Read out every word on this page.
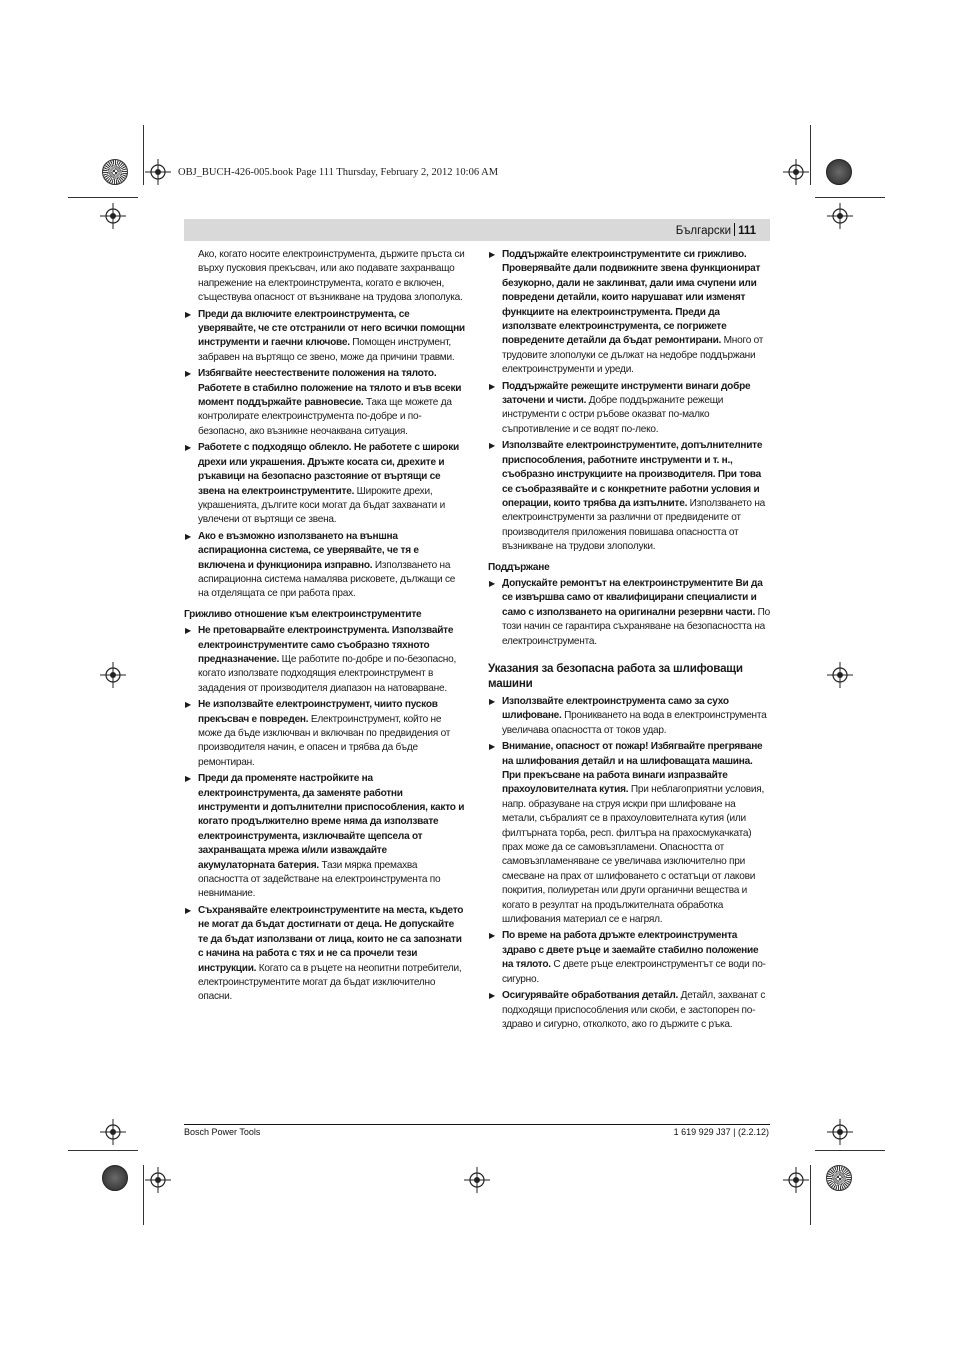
OBJ_BUCH-426-005.book Page 111 Thursday, February 2, 2012 10:06 AM
Български 111

Ако, когато носите електроинструмента, държите пръста си върху пусковия прекъсвач, или ако подавате захранващо напрежение на електроинструмента, когато е включен, съществува опасност от възникване на трудова злополука.

▶ Преди да включите електроинструмента, се уверявайте, че сте отстранили от него всички помощни инструменти и гаечни ключове. Помощен инструмент, забравен на въртящо се звено, може да причини травми.
▶ Избягвайте неестествените положения на тялото. Работете в стабилно положение на тялото и във всеки момент поддържайте равновесие. Така ще можете да контролирате електроинструмента по-добре и по-безопасно, ако възникне неочаквана ситуация.
▶ Работете с подходящо облекло. Не работете с широки дрехи или украшения. Дръжте косата си, дрехите и ръкавици на безопасно разстояние от въртящи се звена на електроинструментите. Широките дрехи, украшенията, дългите коси могат да бъдат захванати и увлечени от въртящи се звена.
▶ Ако е възможно използването на външна аспирационна система, се уверявайте, че тя е включена и функционира изправно. Използването на аспирационна система намалява рисковете, дължащи се на отделящата се при работа прах.
Грижливо отношение към електроинструментите
▶ Не претоварвайте електроинструмента. Използвайте електроинструментите само съобразно тяхното предназначение. Ще работите по-добре и по-безопасно, когато използвате подходящия електроинструмент в зададения от производителя диапазон на натоварване.
▶ Не използвайте електроинструмент, чиито пусков прекъсвач е повреден. Електроинструмент, който не може да бъде изключван и включван по предвидения от производителя начин, е опасен и трябва да бъде ремонтиран.
▶ Преди да променяте настройките на електроинструмента, да заменяте работни инструменти и допълнителни приспособления, както и когато продължително време няма да използвате електроинструмента, изключвайте щепсела от захранващата мрежа и/или изваждайте акумулаторната батерия. Тази мярка премахва опасността от задействане на електроинструмента по невнимание.
▶ Съхранявайте електроинструментите на места, където не могат да бъдат достигнати от деца. Не допускайте те да бъдат използвани от лица, които не са запознати с начина на работа с тях и не са прочели тези инструкции. Когато са в ръцете на неопитни потребители, електроинструментите могат да бъдат изключително опасни.
▶ Поддържайте електроинструментите си грижливо. Проверявайте дали подвижните звена функционират безукорно, дали не заклинват, дали има счупени или повредени детайли, които нарушават или изменят функциите на електроинструмента. Преди да използвате електроинструмента, се погрижете повредените детайли да бъдат ремонтирани. Много от трудовите злополуки се дължат на недобре поддържани електроинструменти и уреди.
▶ Поддържайте режещите инструменти винаги добре заточени и чисти. Добре поддържаните режещи инструменти с остри ръбове оказват по-малко съпротивление и се водят по-леко.
▶ Използвайте електроинструментите, допълнителните приспособления, работните инструменти и т. н., съобразно инструкциите на производителя. При това се съобразявайте и с конкретните работни условия и операции, които трябва да изпълните. Използването на електроинструменти за различни от предвидените от производителя приложения повишава опасността от възникване на трудови злополуки.
Поддържане
▶ Допускайте ремонтът на електроинструментите Ви да се извършва само от квалифицирани специалисти и само с използването на оригинални резервни части. По този начин се гарантира съхраняване на безопасността на електроинструмента.
Указания за безопасна работа за шлифоващи машини
▶ Използвайте електроинструмента само за сухо шлифоване. Проникването на вода в електроинструмента увеличава опасността от токов удар.
▶ Внимание, опасност от пожар! Избягвайте прегряване на шлифования детайл и на шлифоващата машина. При прекъсване на работа винаги изпразвайте прахоуловителната кутия. При неблагоприятни условия, напр. образуване на струя искри при шлифоване на метали, събралият се в прахоуловителната кутия (или филтърната торба, респ. филтъра на прахосмукачката) прах може да се самовъзпламени. Опасността от самовъзпламеняване се увеличава изключително при смесване на прах от шлифоването с остатъци от лакови покрития, полиуретан или други органични вещества и когато в резултат на продължителната обработка шлифования материал се е нагрял.
▶ По време на работа дръжте електроинструмента здраво с двете ръце и заемайте стабилно положение на тялото. С двете ръце електроинструментът се води по-сигурно.
▶ Осигурявайте обработвания детайл. Детайл, захванат с подходящи приспособления или скоби, е застопорен по-здраво и сигурно, отколкото, ако го държите с ръка.
Bosch Power Tools	1 619 929 J37 | (2.2.12)
